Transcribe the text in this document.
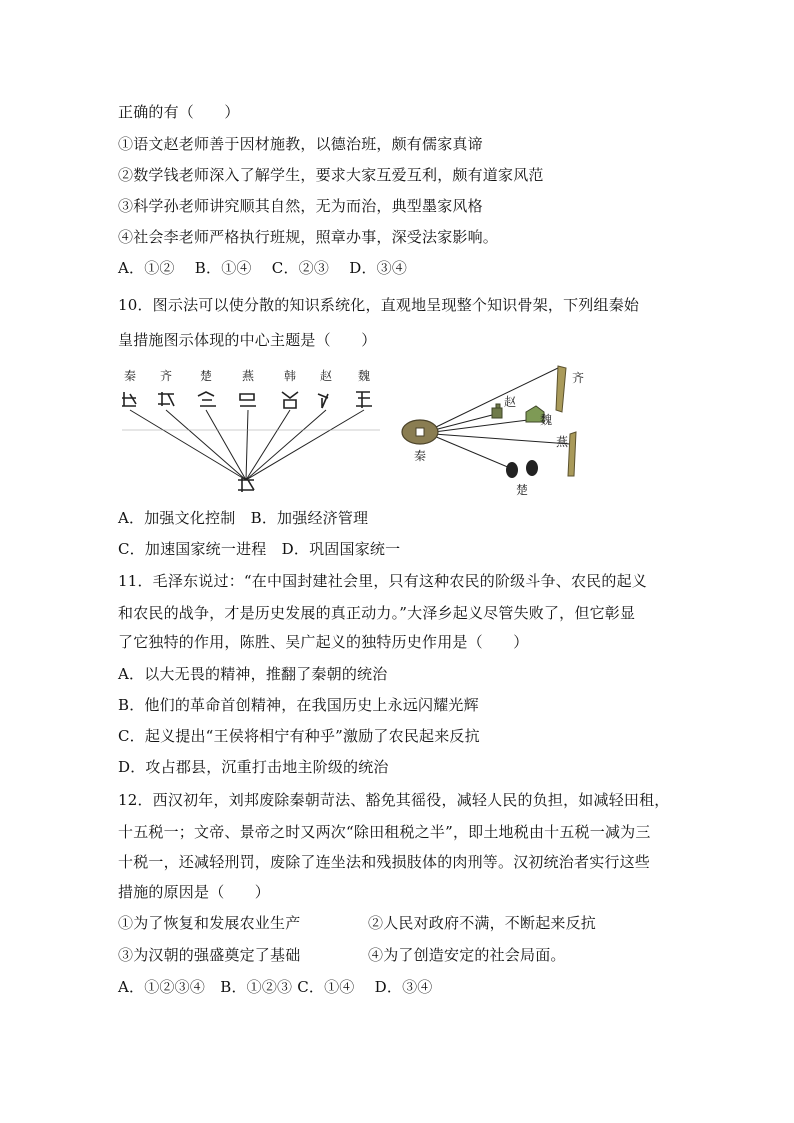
正确的有（　　）
①语文赵老师善于因材施教，以德治班，颇有儒家真谛
②数学钱老师深入了解学生，要求大家互爱互利，颇有道家风范
③科学孙老师讲究顺其自然，无为而治，典型墨家风格
④社会李老师严格执行班规，照章办事，深受法家影响。
A．①②　 B．①④　 C．②③　 D．③④
10．图示法可以使分散的知识系统化，直观地呈现整个知识骨架，下列组秦始
皇措施图示体现的中心主题是（　　）
秦 齐 楚 燕 韩 赵 魏	齐
赵
魏
燕
秦
楚
A．加强文化控制　B．加强经济管理
C．加速国家统一进程　D．巩固国家统一
11．毛泽东说过：“在中国封建社会里，只有这种农民的阶级斗争、农民的起义
和农民的战争，才是历史发展的真正动力。”大泽乡起义尽管失败了，但它彰显
了它独特的作用，陈胜、吴广起义的独特历史作用是（　　）
A．以大无畏的精神，推翻了秦朝的统治
B．他们的革命首创精神，在我国历史上永远闪耀光辉
C．起义提出“王侯将相宁有种乎”激励了农民起来反抗
D．攻占郡县，沉重打击地主阶级的统治
12．西汉初年，刘邦废除秦朝苛法、豁免其徭役，减轻人民的负担，如减轻田租，
十五税一；文帝、景帝之时又两次“除田租税之半”，即土地税由十五税一减为三
十税一，还减轻刑罚，废除了连坐法和残损肢体的肉刑等。汉初统治者实行这些
措施的原因是（　　）
①为了恢复和发展农业生产	②人民对政府不满，不断起来反抗
③为汉朝的强盛奠定了基础	④为了创造安定的社会局面。
A．①②③④　B．①②③ C．①④　 D．③④
